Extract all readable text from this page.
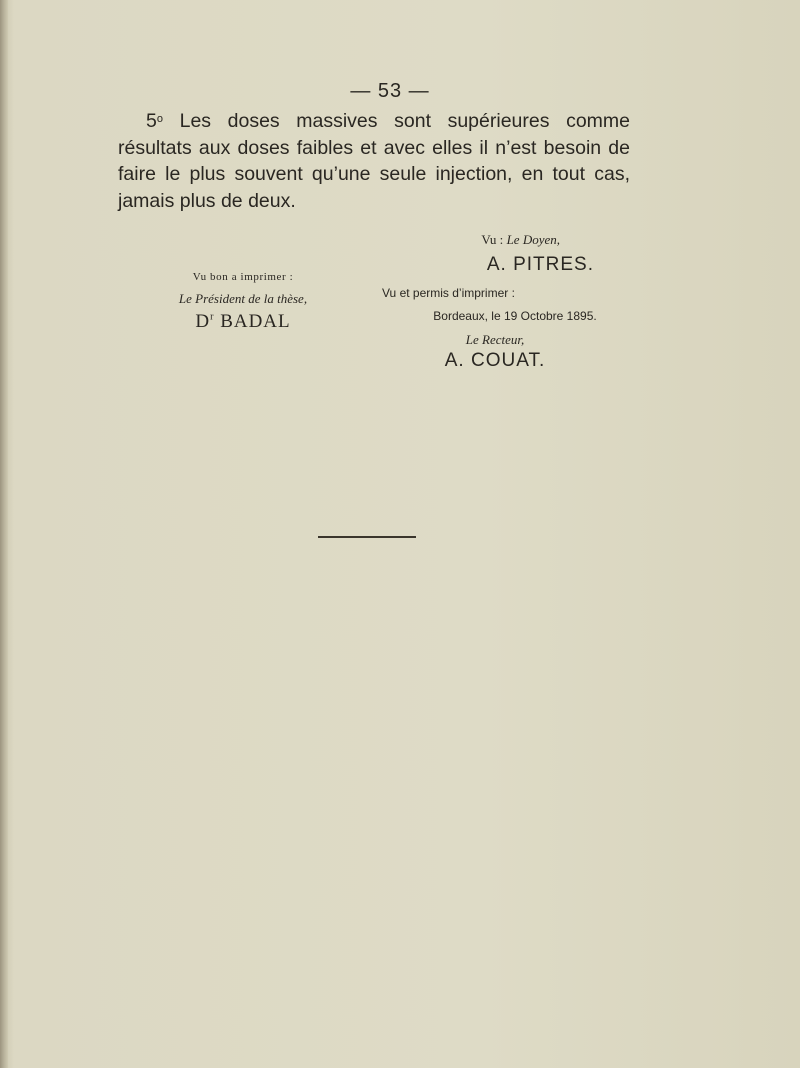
— 53 —
5$^o$ Les doses massives sont supérieures comme résultats aux doses faibles et avec elles il n’est besoin de faire le plus souvent qu’une seule injection, en tout cas, jamais plus de deux.
Vu bon a imprimer :
Le Président de la thèse,
$D^r$ BADAL
Vu : Le Doyen,
A. PITRES.
Vu et permis d’imprimer :
Bordeaux, le 19 Octobre 1895.
Le Recteur,
A. COUAT.
